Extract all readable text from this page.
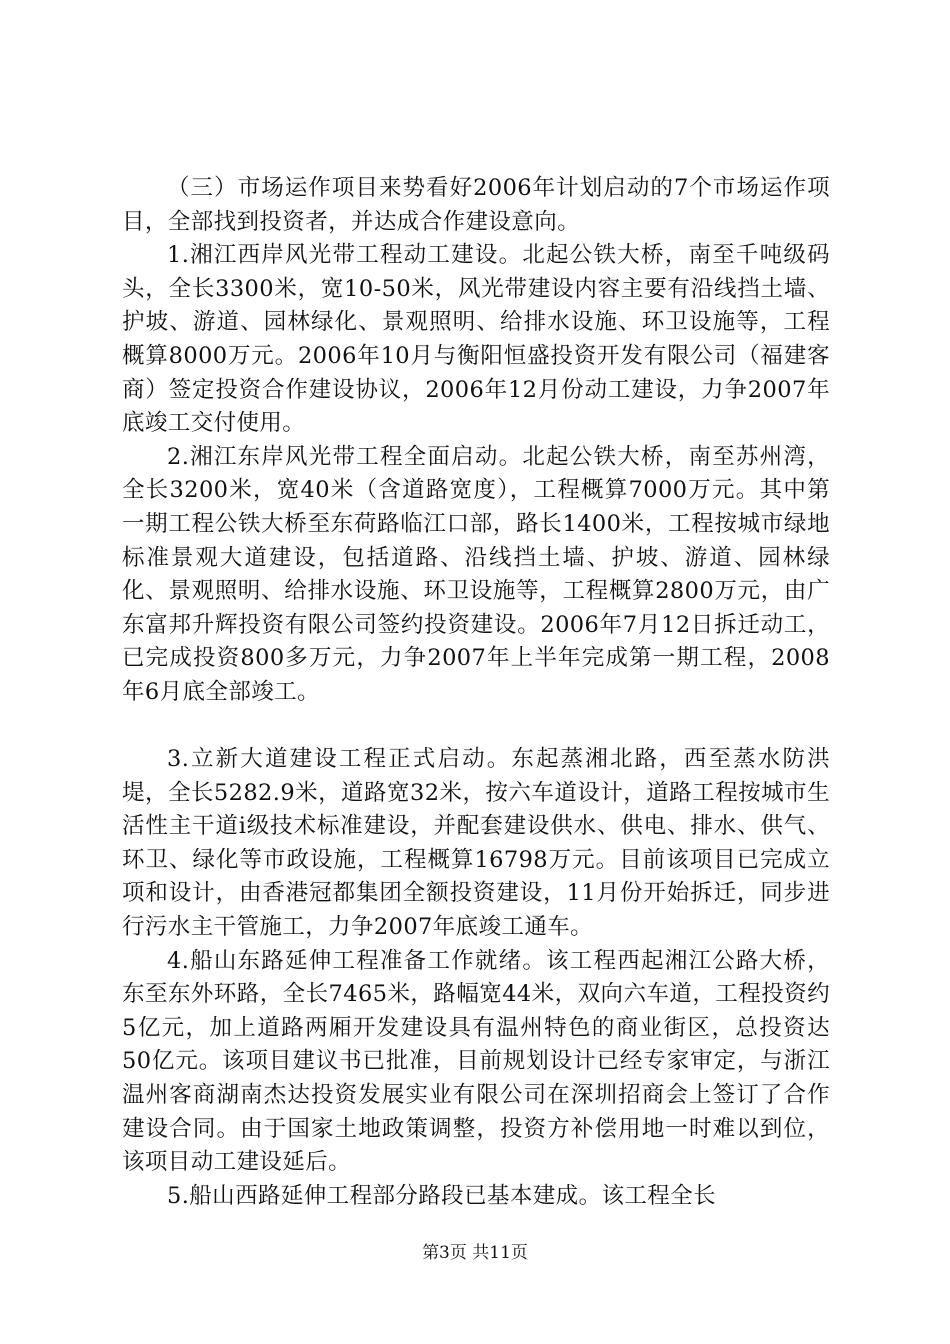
（三）市场运作项目来势看好2006年计划启动的7个市场运作项目，全部找到投资者，并达成合作建设意向。

1.湘江西岸风光带工程动工建设。北起公铁大桥，南至千吨级码头，全长3300米，宽10-50米，风光带建设内容主要有沿线挡土墙、护坡、游道、园林绿化、景观照明、给排水设施、环卫设施等，工程概算8000万元。2006年10月与衡阳恒盛投资开发有限公司（福建客商）签定投资合作建设协议，2006年12月份动工建设，力争2007年底竣工交付使用。

2.湘江东岸风光带工程全面启动。北起公铁大桥，南至苏州湾，全长3200米，宽40米（含道路宽度），工程概算7000万元。其中第一期工程公铁大桥至东荷路临江口部，路长1400米，工程按城市绿地标准景观大道建设，包括道路、沿线挡土墙、护坡、游道、园林绿化、景观照明、给排水设施、环卫设施等，工程概算2800万元，由广东富邦升辉投资有限公司签约投资建设。2006年7月12日拆迁动工，已完成投资800多万元，力争2007年上半年完成第一期工程，2008年6月底全部竣工。

3.立新大道建设工程正式启动。东起蒸湘北路，西至蒸水防洪堤，全长5282.9米，道路宽32米，按六车道设计，道路工程按城市生活性主干道ⅰ级技术标准建设，并配套建设供水、供电、排水、供气、环卫、绿化等市政设施，工程概算16798万元。目前该项目已完成立项和设计，由香港冠都集团全额投资建设，11月份开始拆迁，同步进行污水主干管施工，力争2007年底竣工通车。

4.船山东路延伸工程准备工作就绪。该工程西起湘江公路大桥，东至东外环路，全长7465米，路幅宽44米，双向六车道，工程投资约5亿元，加上道路两厢开发建设具有温州特色的商业街区，总投资达50亿元。该项目建议书已批准，目前规划设计已经专家审定，与浙江温州客商湖南杰达投资发展实业有限公司在深圳招商会上签订了合作建设合同。由于国家土地政策调整，投资方补偿用地一时难以到位，该项目动工建设延后。

5.船山西路延伸工程部分路段已基本建成。该工程全长

第3页 共11页
